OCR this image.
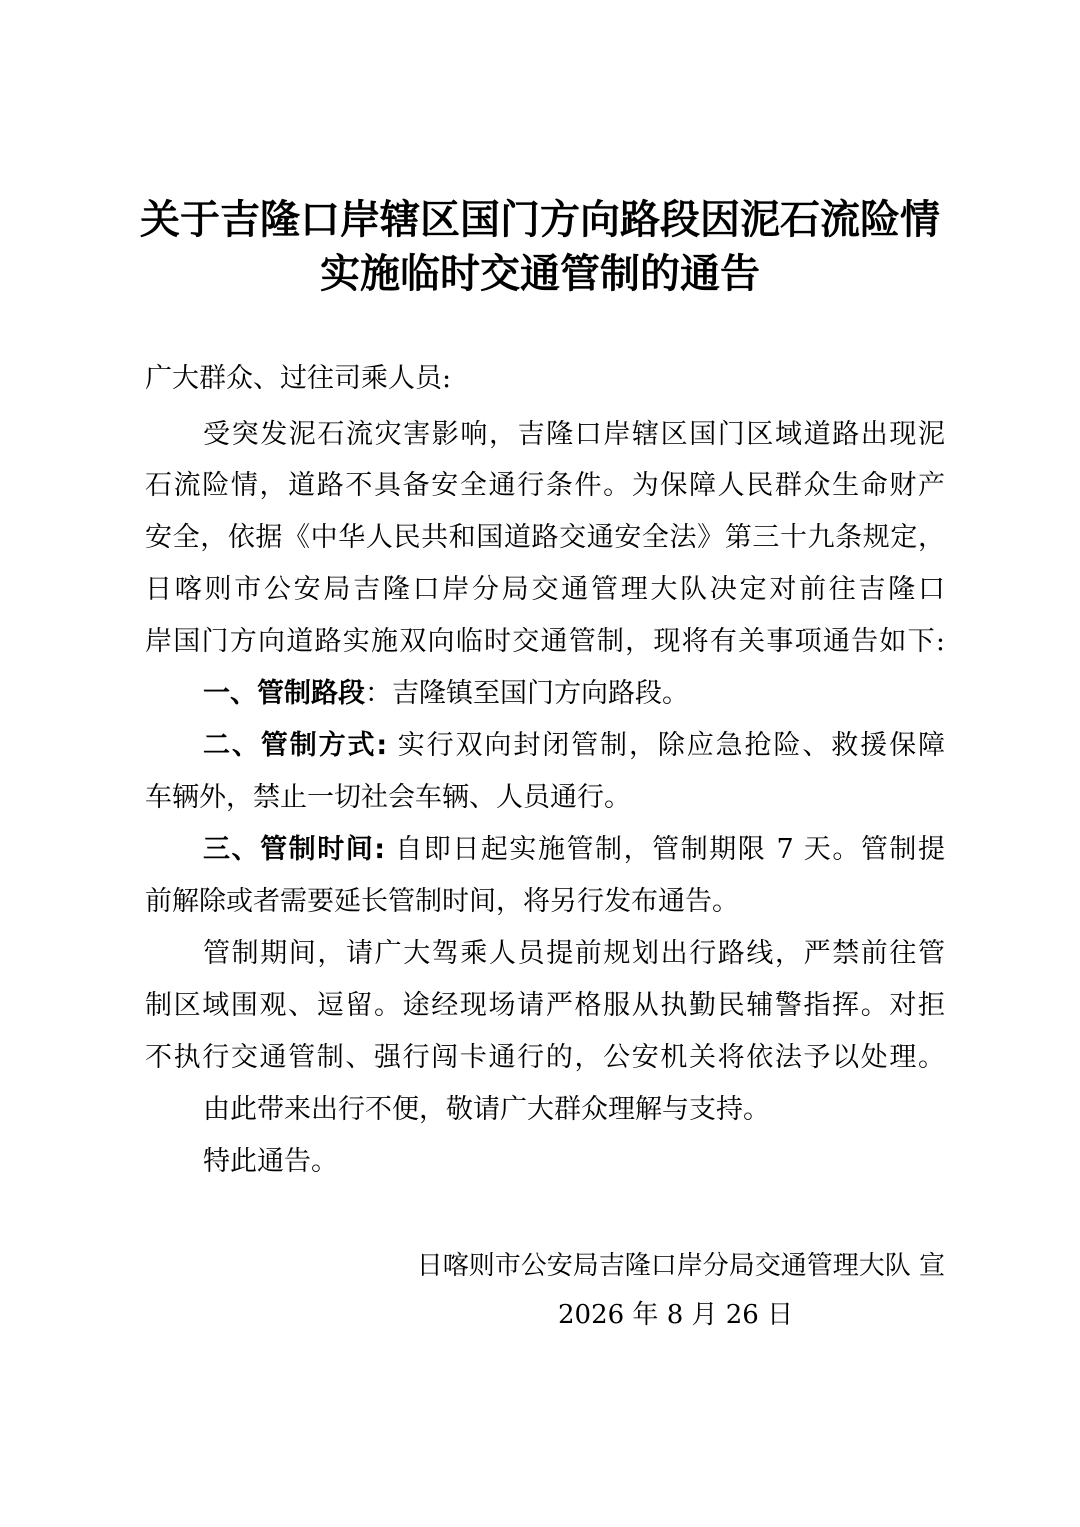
关于吉隆口岸辖区国门方向路段因泥石流险情
实施临时交通管制的通告
广大群众、过往司乘人员:
受突发泥石流灾害影响，吉隆口岸辖区国门区域道路出现泥
石流险情，道路不具备安全通行条件。为保障人民群众生命财产
安全，依据《中华人民共和国道路交通安全法》第三十九条规定，
日喀则市公安局吉隆口岸分局交通管理大队决定对前往吉隆口
岸国门方向道路实施双向临时交通管制，现将有关事项通告如下:
一、管制路段：吉隆镇至国门方向路段。
二、管制方式: 实行双向封闭管制，除应急抢险、救援保障
车辆外，禁止一切社会车辆、人员通行。
三、管制时间: 自即日起实施管制，管制期限 7 天。管制提
前解除或者需要延长管制时间，将另行发布通告。
管制期间，请广大驾乘人员提前规划出行路线，严禁前往管
制区域围观、逗留。途经现场请严格服从执勤民辅警指挥。对拒
不执行交通管制、强行闯卡通行的，公安机关将依法予以处理。
由此带来出行不便，敬请广大群众理解与支持。
特此通告。
日喀则市公安局吉隆口岸分局交通管理大队 宣
2026 年 8 月 26 日
